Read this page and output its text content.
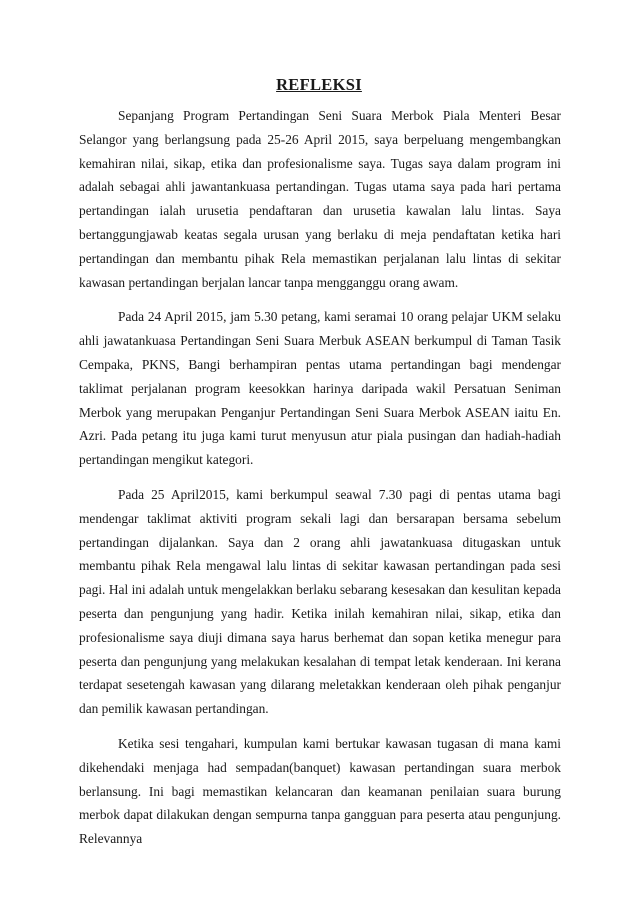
REFLEKSI

Sepanjang Program Pertandingan Seni Suara Merbok Piala Menteri Besar Selangor yang berlangsung pada 25-26 April 2015, saya berpeluang mengembangkan kemahiran nilai, sikap, etika dan profesionalisme saya. Tugas saya dalam program ini adalah sebagai ahli jawantankuasa pertandingan. Tugas utama saya pada hari pertama pertandingan ialah urusetia pendaftaran dan urusetia kawalan lalu lintas. Saya bertanggungjawab keatas segala urusan yang berlaku di meja pendaftatan ketika hari pertandingan dan membantu pihak Rela memastikan perjalanan lalu lintas di sekitar kawasan pertandingan berjalan lancar tanpa mengganggu orang awam.

Pada 24 April 2015, jam 5.30 petang, kami seramai 10 orang pelajar UKM selaku ahli jawatankuasa Pertandingan Seni Suara Merbuk ASEAN berkumpul di Taman Tasik Cempaka, PKNS, Bangi berhampiran pentas utama pertandingan bagi mendengar taklimat perjalanan program keesokkan harinya daripada wakil Persatuan Seniman Merbok yang merupakan Penganjur Pertandingan Seni Suara Merbok ASEAN iaitu En. Azri. Pada petang itu juga kami turut menyusun atur piala pusingan dan hadiah-hadiah pertandingan mengikut kategori.

Pada 25 April2015, kami berkumpul seawal 7.30 pagi di pentas utama bagi mendengar taklimat aktiviti program sekali lagi dan bersarapan bersama sebelum pertandingan dijalankan. Saya dan 2 orang ahli jawatankuasa ditugaskan untuk membantu pihak Rela mengawal lalu lintas di sekitar kawasan pertandingan pada sesi pagi. Hal ini adalah untuk mengelakkan berlaku sebarang kesesakan dan kesulitan kepada peserta dan pengunjung yang hadir. Ketika inilah kemahiran nilai, sikap, etika dan profesionalisme saya diuji dimana saya harus berhemat dan sopan ketika menegur para peserta dan pengunjung yang melakukan kesalahan di tempat letak kenderaan. Ini kerana terdapat sesetengah kawasan yang dilarang meletakkan kenderaan oleh pihak penganjur dan pemilik kawasan pertandingan.

Ketika sesi tengahari, kumpulan kami bertukar kawasan tugasan di mana kami dikehendaki menjaga had sempadan(banquet) kawasan pertandingan suara merbok berlansung. Ini bagi memastikan kelancaran dan keamanan penilaian suara burung merbok dapat dilakukan dengan sempurna tanpa gangguan para peserta atau pengunjung. Relevannya
